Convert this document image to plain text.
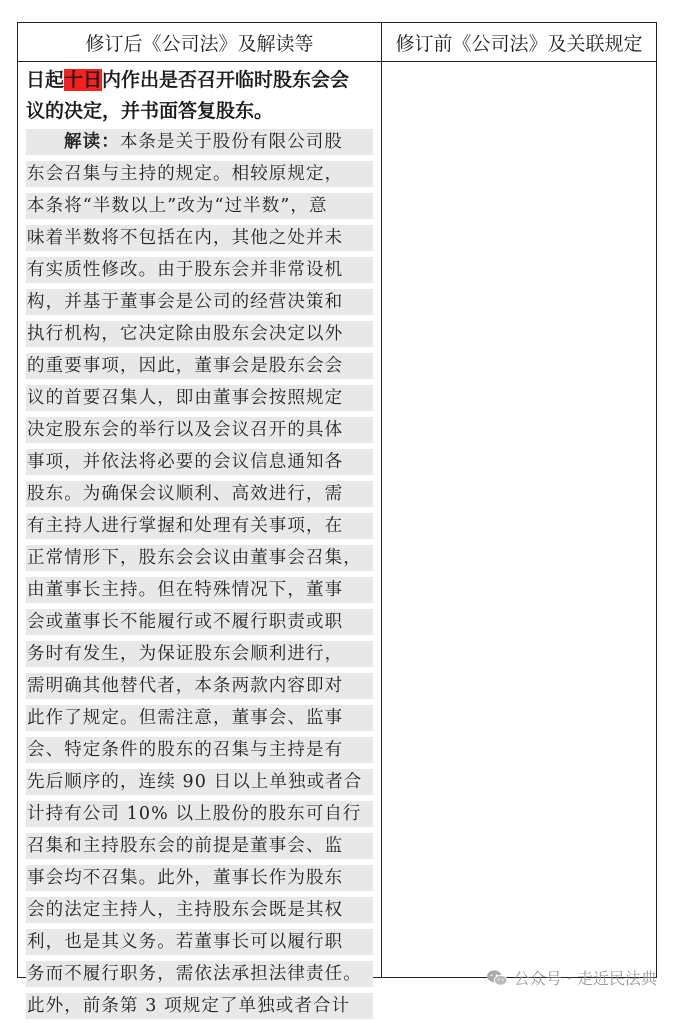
修订后《公司法》及解读等	修订前《公司法》及关联规定
日起十日内作出是否召开临时股东会会
议的决定，并书面答复股东。
解读：本条是关于股份有限公司股
东会召集与主持的规定。相较原规定，
本条将“半数以上”改为“过半数”，意
味着半数将不包括在内，其他之处并未
有实质性修改。由于股东会并非常设机
构，并基于董事会是公司的经营决策和
执行机构，它决定除由股东会决定以外
的重要事项，因此，董事会是股东会会
议的首要召集人，即由董事会按照规定
决定股东会的举行以及会议召开的具体
事项，并依法将必要的会议信息通知各
股东。为确保会议顺利、高效进行，需
有主持人进行掌握和处理有关事项，在
正常情形下，股东会会议由董事会召集，
由董事长主持。但在特殊情况下，董事
会或董事长不能履行或不履行职责或职
务时有发生，为保证股东会顺利进行，
需明确其他替代者，本条两款内容即对
此作了规定。但需注意，董事会、监事
会、特定条件的股东的召集与主持是有
先后顺序的，连续 90 日以上单独或者合
计持有公司 10% 以上股份的股东可自行
召集和主持股东会的前提是董事会、监
事会均不召集。此外，董事长作为股东
会的法定主持人，主持股东会既是其权
利，也是其义务。若董事长可以履行职
务而不履行职务，需依法承担法律责任。
此外，前条第 3 项规定了单独或者合计
公众号 · 走近民法典
